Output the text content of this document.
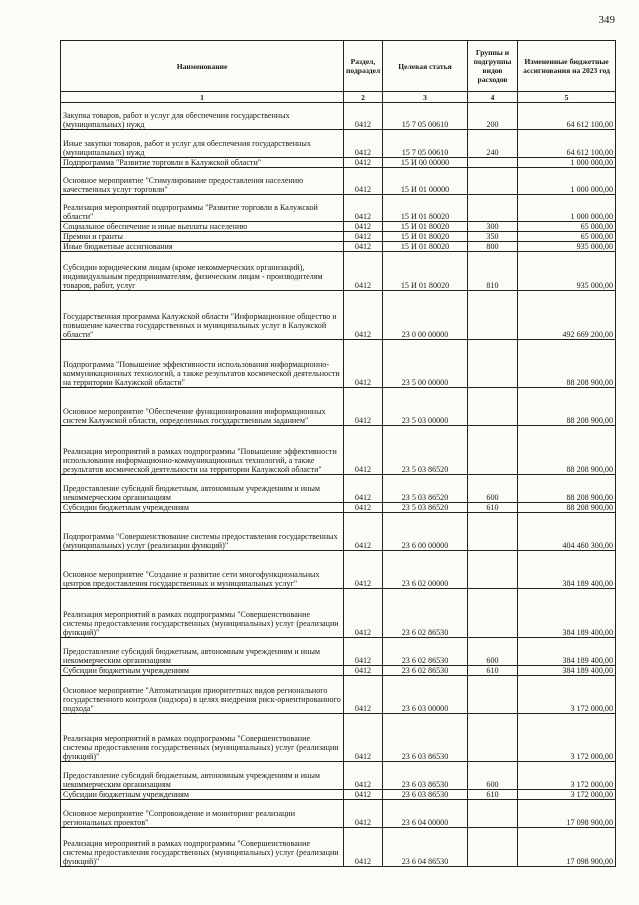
349
Наименование	Раздел, подраздел	Целевая статья	Группы и подгруппы видов расходов	Измененные бюджетные ассигнования на 2023 год
1	2	3	4	5
Закупка товаров, работ и услуг для обеспечения государственных (муниципальных) нужд	0412	15 7 05 00610	200	64 612 100,00
Иные закупки товаров, работ и услуг для обеспечения государственных (муниципальных) нужд	0412	15 7 05 00610	240	64 612 100,00
Подпрограмма "Развитие торговли в Калужской области"	0412	15 И 00 00000		1 000 000,00
Основное мероприятие "Стимулирование предоставления населению качественных услуг торговли"	0412	15 И 01 00000		1 000 000,00
Реализация мероприятий подпрограммы "Развитие торговли в Калужской области"	0412	15 И 01 80020		1 000 000,00
Социальное обеспечение и иные выплаты населению	0412	15 И 01 80020	300	65 000,00
Премии и гранты	0412	15 И 01 80020	350	65 000,00
Иные бюджетные ассигнования	0412	15 И 01 80020	800	935 000,00
Субсидии юридическим лицам (кроме некоммерческих организаций), индивидуальным предпринимателям, физическим лицам - производителям товаров, работ, услуг	0412	15 И 01 80020	810	935 000,00
Государственная программа Калужской области "Информационное общество и повышение качества государственных и муниципальных услуг в Калужской области"	0412	23 0 00 00000		492 669 200,00
Подпрограмма "Повышение эффективности использования информационно-коммуникационных технологий, а также результатов космической деятельности на территории Калужской области"	0412	23 5 00 00000		88 208 900,00
Основное мероприятие "Обеспечение функционирования информационных систем Калужской области, определенных государственным заданием"	0412	23 5 03 00000		88 208 900,00
Реализация мероприятий в рамках подпрограммы "Повышение эффективности использования информационно-коммуникационных технологий, а также результатов космической деятельности на территории Калужской области"	0412	23 5 03 86520		88 208 900,00
Предоставление субсидий бюджетным, автономным учреждениям и иным некоммерческим организациям	0412	23 5 03 86520	600	88 208 900,00
Субсидии бюджетным учреждениям	0412	23 5 03 86520	610	88 208 900,00
Подпрограмма "Совершенствование системы предоставления государственных (муниципальных) услуг (реализации функций)"	0412	23 6 00 00000		404 460 300,00
Основное мероприятие "Создание и развитие сети многофункциональных центров предоставления государственных и муниципальных услуг"	0412	23 6 02 00000		384 189 400,00
Реализация мероприятий в рамках подпрограммы "Совершенствование системы предоставления государственных (муниципальных) услуг (реализации функций)"	0412	23 6 02 86530		384 189 400,00
Предоставление субсидий бюджетным, автономным учреждениям и иным некоммерческим организациям	0412	23 6 02 86530	600	384 189 400,00
Субсидии бюджетным учреждениям	0412	23 6 02 86530	610	384 189 400,00
Основное мероприятие "Автоматизация приоритетных видов регионального государственного контроля (надзора) в целях внедрения риск-ориентированного подхода"	0412	23 6 03 00000		3 172 000,00
Реализация мероприятий в рамках подпрограммы "Совершенствование системы предоставления государственных (муниципальных) услуг (реализации функций)"	0412	23 6 03 86530		3 172 000,00
Предоставление субсидий бюджетным, автономным учреждениям и иным некоммерческим организациям	0412	23 6 03 86530	600	3 172 000,00
Субсидии бюджетным учреждениям	0412	23 6 03 86530	610	3 172 000,00
Основное мероприятие "Сопровождение и мониторинг реализации региональных проектов"	0412	23 6 04 00000		17 098 900,00
Реализация мероприятий в рамках подпрограммы "Совершенствование системы предоставления государственных (муниципальных) услуг (реализации функций)"	0412	23 6 04 86530		17 098 900,00
